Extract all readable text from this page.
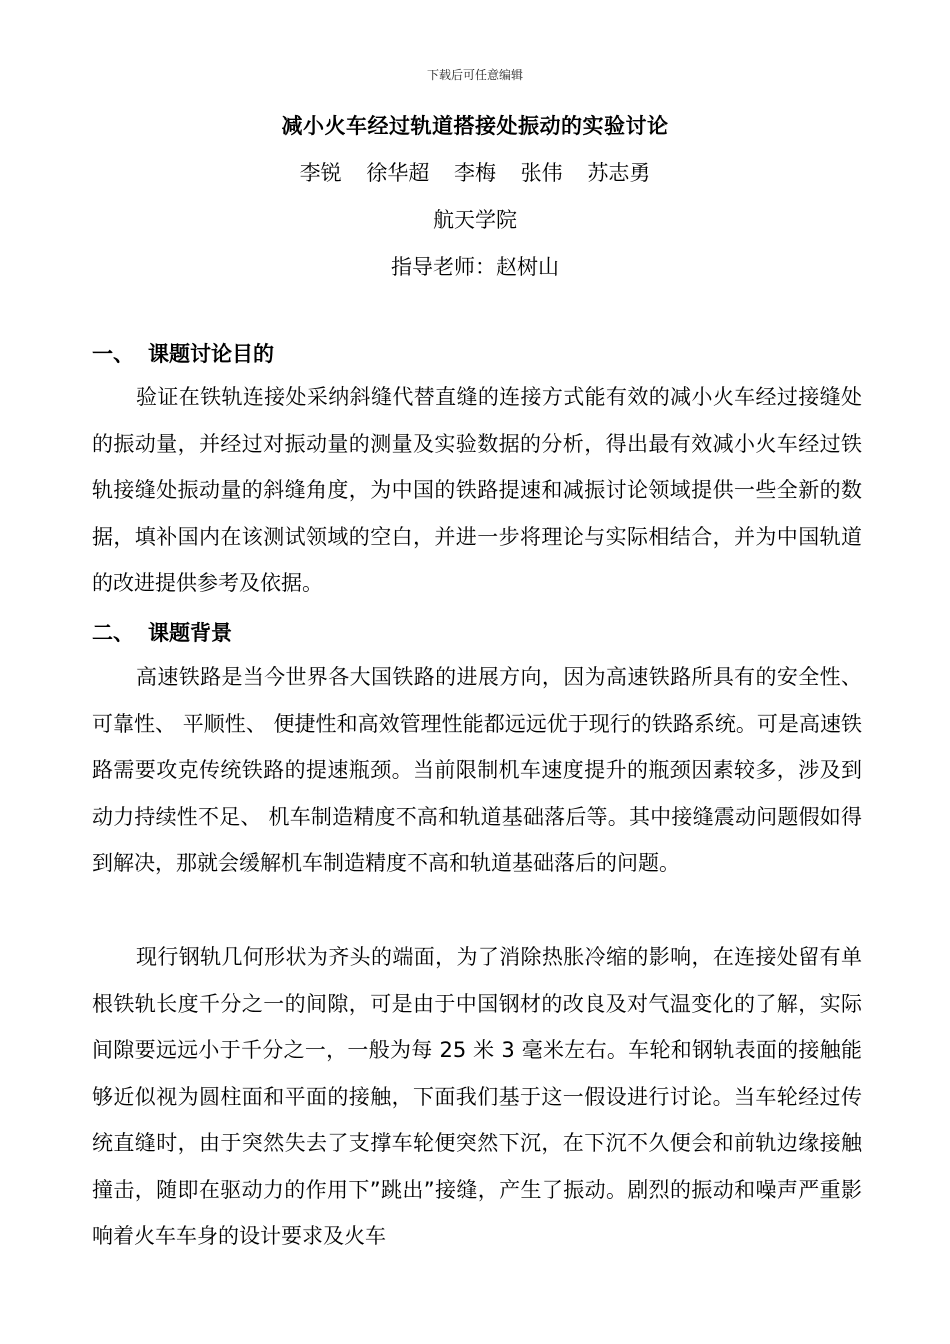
下载后可任意编辑
减小火车经过轨道搭接处振动的实验讨论
李锐 徐华超 李梅 张伟 苏志勇
航天学院
指导老师：赵树山
一、 课题讨论目的

验证在铁轨连接处采纳斜缝代替直缝的连接方式能有效的减小火车经过接缝处的振动量，并经过对振动量的测量及实验数据的分析，得出最有效减小火车经过铁轨接缝处振动量的斜缝角度，为中国的铁路提速和减振讨论领域提供一些全新的数据，填补国内在该测试领域的空白，并进一步将理论与实际相结合，并为中国轨道的改进提供参考及依据。

二、 课题背景

高速铁路是当今世界各大国铁路的进展方向，因为高速铁路所具有的安全性、 可靠性、 平顺性、 便捷性和高效管理性能都远远优于现行的铁路系统。可是高速铁路需要攻克传统铁路的提速瓶颈。当前限制机车速度提升的瓶颈因素较多，涉及到动力持续性不足、 机车制造精度不高和轨道基础落后等。其中接缝震动问题假如得到解决，那就会缓解机车制造精度不高和轨道基础落后的问题。

现行钢轨几何形状为齐头的端面，为了消除热胀冷缩的影响，在连接处留有单根铁轨长度千分之一的间隙，可是由于中国钢材的改良及对气温变化的了解，实际间隙要远远小于千分之一，一般为每 25 米 3 毫米左右。车轮和钢轨表面的接触能够近似视为圆柱面和平面的接触，下面我们基于这一假设进行讨论。当车轮经过传统直缝时，由于突然失去了支撑车轮便突然下沉，在下沉不久便会和前轨边缘接触撞击，随即在驱动力的作用下”跳出”接缝，产生了振动。剧烈的振动和噪声严重影响着火车车身的设计要求及火车
